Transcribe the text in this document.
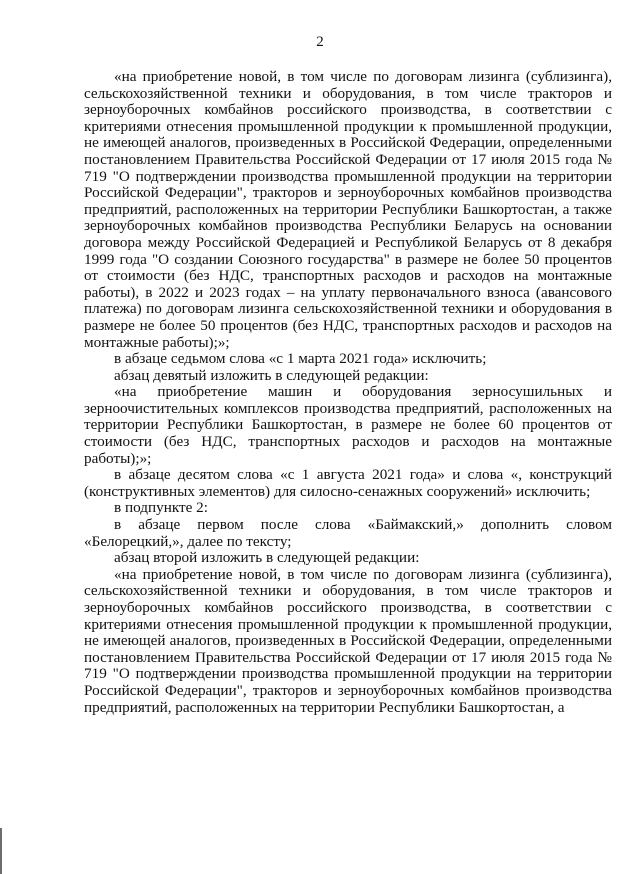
2

«на приобретение новой, в том числе по договорам лизинга (сублизинга), сельскохозяйственной техники и оборудования, в том числе тракторов и зерноуборочных комбайнов российского производства, в соответствии с критериями отнесения промышленной продукции к промышленной продукции, не имеющей аналогов, произведенных в Российской Федерации, определенными постановлением Правительства Российской Федерации от 17 июля 2015 года № 719 "О подтверждении производства промышленной продукции на территории Российской Федерации", тракторов и зерноуборочных комбайнов производства предприятий, расположенных на территории Республики Башкортостан, а также зерноуборочных комбайнов производства Республики Беларусь на основании договора между Российской Федерацией и Республикой Беларусь от 8 декабря 1999 года "О создании Союзного государства" в размере не более 50 процентов от стоимости (без НДС, транспортных расходов и расходов на монтажные работы), в 2022 и 2023 годах – на уплату первоначального взноса (авансового платежа) по договорам лизинга сельскохозяйственной техники и оборудования в размере не более 50 процентов (без НДС, транспортных расходов и расходов на монтажные работы);»;

в абзаце седьмом слова «с 1 марта 2021 года» исключить;

абзац девятый изложить в следующей редакции:

«на приобретение машин и оборудования зерносушильных и зерноочистительных комплексов производства предприятий, расположенных на территории Республики Башкортостан, в размере не более 60 процентов от стоимости (без НДС, транспортных расходов и расходов на монтажные работы);»;

в абзаце десятом слова «с 1 августа 2021 года» и слова «, конструкций (конструктивных элементов) для силосно-сенажных сооружений» исключить;

в подпункте 2:

в абзаце первом после слова «Баймакский,» дополнить словом «Белорецкий,», далее по тексту;

абзац второй изложить в следующей редакции:

«на приобретение новой, в том числе по договорам лизинга (сублизинга), сельскохозяйственной техники и оборудования, в том числе тракторов и зерноуборочных комбайнов российского производства, в соответствии с критериями отнесения промышленной продукции к промышленной продукции, не имеющей аналогов, произведенных в Российской Федерации, определенными постановлением Правительства Российской Федерации от 17 июля 2015 года № 719 "О подтверждении производства промышленной продукции на территории Российской Федерации", тракторов и зерноуборочных комбайнов производства предприятий, расположенных на территории Республики Башкортостан, а
